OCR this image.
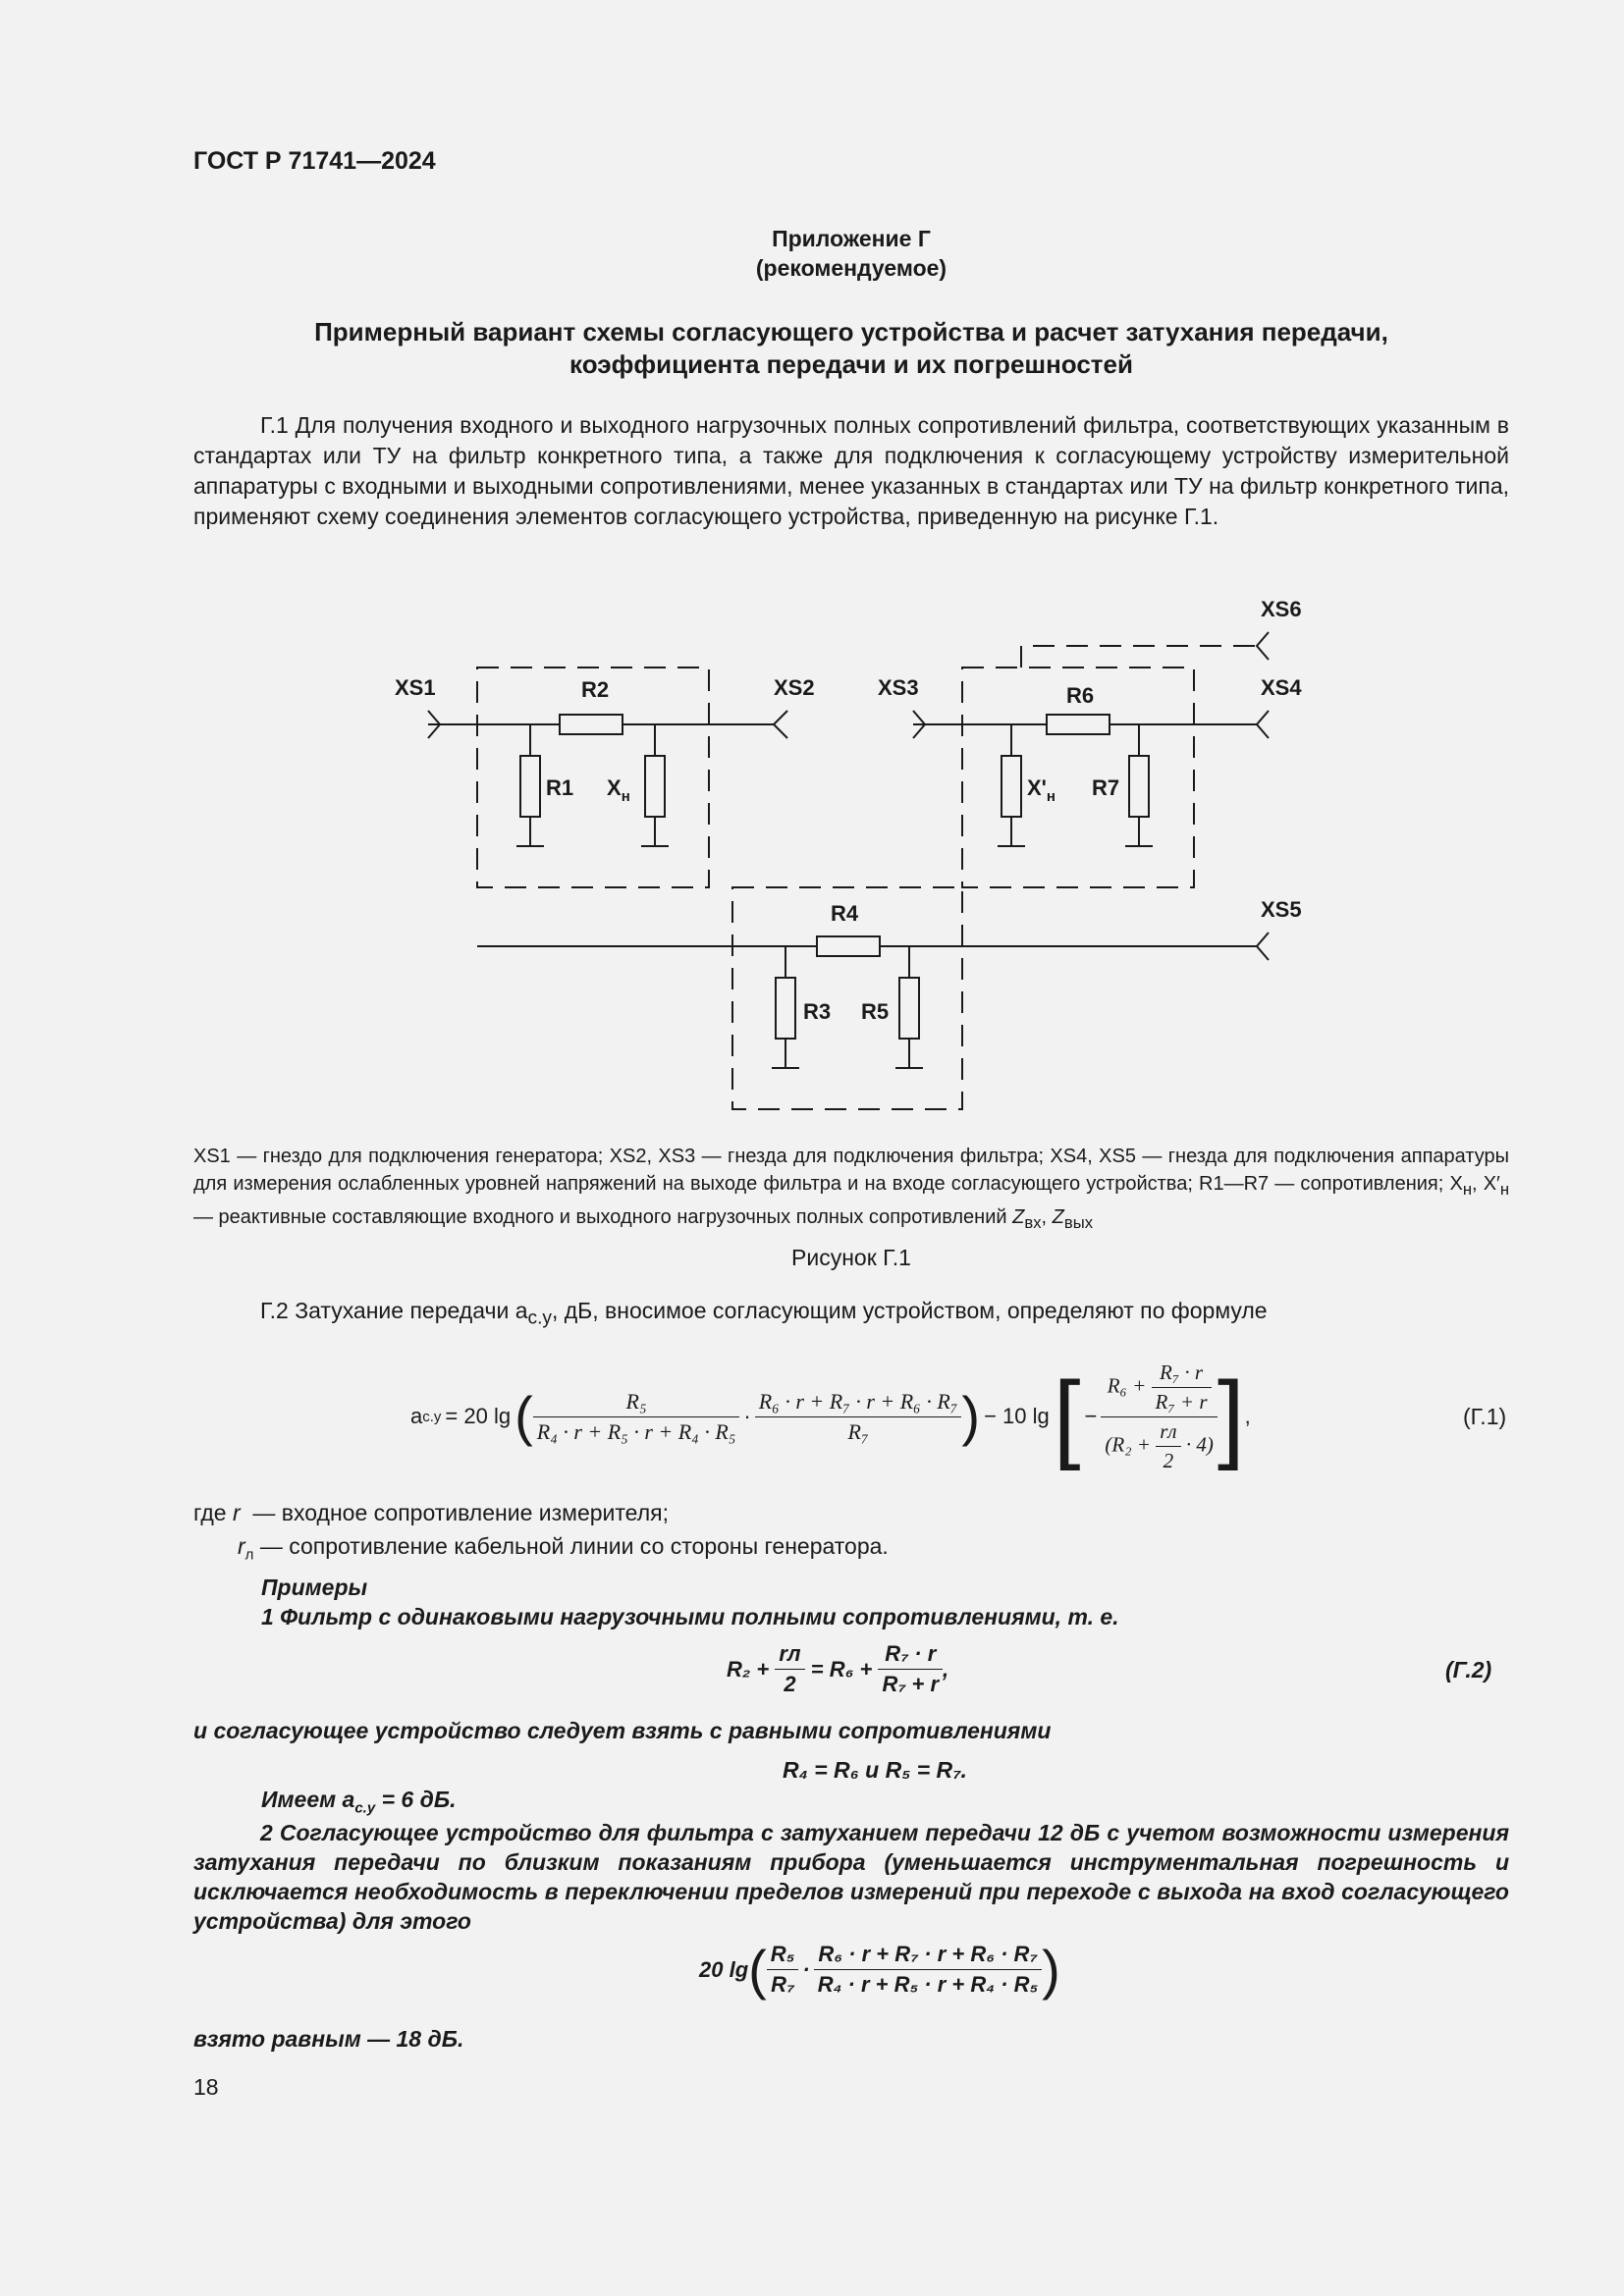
ГОСТ Р 71741—2024
Приложение Г
(рекомендуемое)
Примерный вариант схемы согласующего устройства и расчет затухания передачи,
коэффициента передачи и их погрешностей

Г.1 Для получения входного и выходного нагрузочных полных сопротивлений фильтра, соответствующих указанным в стандартах или ТУ на фильтр конкретного типа, а также для подключения к согласующему устройству измерительной аппаратуры с входными и выходными сопротивлениями, менее указанных в стандартах или ТУ на фильтр конкретного типа, применяют схему соединения элементов согласующего устройства, приведенную на рисунке Г.1.

XS1	XS2	XS3	XS4
XS5
XS6
R2
R1 $X_н$
R6
$X'_н$ R7
R4
R3 R5
XS1 — гнездо для подключения генератора; XS2, XS3 — гнезда для подключения фильтра; XS4, XS5 — гнезда для подключения аппаратуры для измерения ослабленных уровней напряжений на выходе фильтра и на входе согласующего устройства; R1—R7 — сопротивления; $X_н$, $X'_н$ — реактивные составляющие входного и выходного нагрузочных полных сопротивлений $Z_{вх}$, $Z_{вых}$
Рисунок Г.1
Г.2 Затухание передачи $a_{с.у}$, дБ, вносимое согласующим устройством, определяют по формуле
a с.у = 20 lg ( $\frac{\text{R₅}}{\text{R₄ · r + R₅ · r + R₄ · R₅}} \cdot \frac{\text{R₆ · r + R₇ · r + R₆ · R₇}}{\text{R₇}}$ ) − 10 lg [ − $\frac{R_6 + \frac{\text{R₇ · r}}{\text{R₇ + r}}}{(R_2 + \frac{rл}{2} \cdot 4)}$ ] ,	(Г.1)
где r — входное сопротивление измерителя;
$r_л$ — сопротивление кабельной линии со стороны генератора.
Примеры
1 Фильтр с одинаковыми нагрузочными полными сопротивлениями, т. е.
R₂ +
$\frac{rл}{2}$
= R₆ +
$\frac{\text{R₇ · r}}{\text{R₇ + r}}$ ,	(Г.2)
и согласующее устройство следует взять с равными сопротивлениями
R₄ = R₆ и R₅ = R₇.
Имеем $a_{с.у} = 6$ дБ.
2 Согласующее устройство для фильтра с затуханием передачи 12 дБ с учетом возможности измерения затухания передачи по близким показаниям прибора (уменьшается инструментальная погрешность и исключается необходимость в переключении пределов измерений при переходе с выхода на вход согласующего устройства) для этого
20 lg ( $\frac{\text{R₅}}{\text{R₇}} \cdot \frac{\text{R₆ · r + R₇ · r + R₆ · R₇}}{\text{R₄ · r + R₅ · r + R₄ · R₅}}$ )
взято равным — 18 дБ.
18
